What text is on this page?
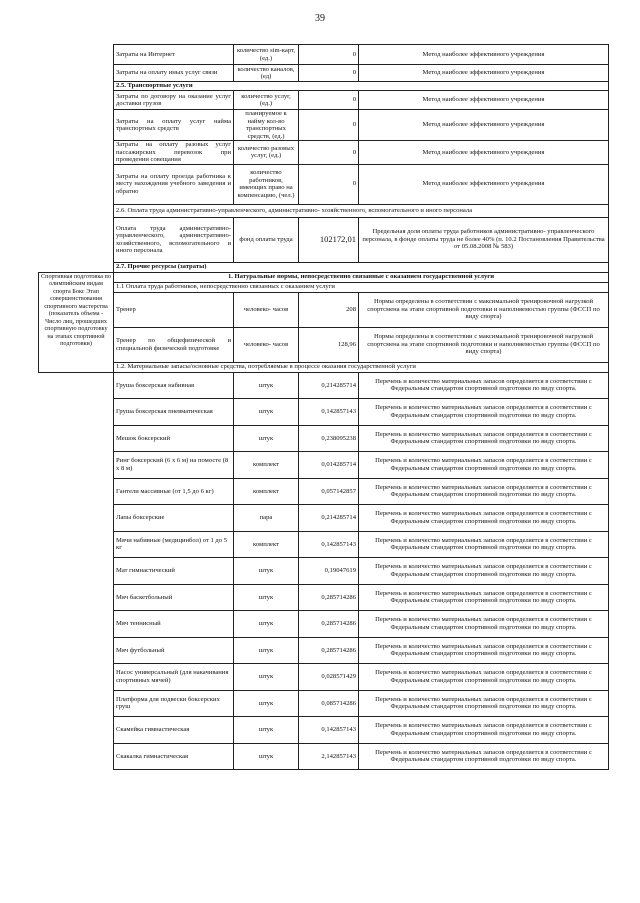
39
	Затраты на Интернет	количество sim-карт, (ед.)	0	Метод наиболее эффективного учреждения
	Затраты на оплату иных услуг связи	количество каналов, (ед)	0	Метод наиболее эффективного учреждения
	2.5. Транспортные услуги			
	Затраты по договору на оказание услуг доставки грузов	количество услуг, (ед.)	0	Метод наиболее эффективного учреждения
	Затраты на оплату услуг найма транспортных средств	планируемое к найму кол-во транспортных средств, (ед.)	0	Метод наиболее эффективного учреждения
	Затраты на оплату разовых услуг пассажирских перевозок при проведении совещания	количество разовых услуг, (ед.)	0	Метод наиболее эффективного учреждения
	Затраты на оплату проезда работника к месту нахождения учебного заведения и обратно	количество работников, имеющих право на компенсацию, (чел.)	0	Метод наиболее эффективного учреждения
	2.6. Оплата труда административно-управленческого, административно- хозяйственного, вспомогательного и иного персонала			
	Оплата труда административно-управленческого, административно-хозяйственного, вспомогательного и иного персонала	фонд оплаты труда	102172,01	Предельная доля оплаты труда работников административно- управленческого персонала, в фонде оплаты труда не более 40% (п. 10.2 Постановления Правительства от 05.08.2008 № 583)
	2.7. Прочие ресурсы (затраты)			
Спортивная подготовка по олимпийским видам спорта Бокс Этап совершенствования спортивного мастерства (показатель объема - Число лиц, прошедших спортивную подготовку на этапах спортивной подготовки)	1. Натуральные нормы, непосредственно связанные с оказанием государственной услуги			
	1.1 Оплата труда работников, непосредственно связанных с оказанием услуги			
	Тренер	человеко- часов	208	Нормы определены в соответствии с максимальной тренировочной нагрузкой спортсмена на этапе спортивной подготовки и наполняемостью группы (ФССП по виду спорта)
	Тренер по общефизической и специальной физической подготовке	человеко- часов	128,96	Нормы определены в соответствии с максимальной тренировочной нагрузкой спортсмена на этапе спортивной подготовки и наполняемостью группы (ФССП по виду спорта)
	1.2. Материальные запасы/основные средства, потребляемые в процессе оказания государственной услуги			
	Груша боксерская набивная	штук	0,214285714	Перечень и количество материальных запасов определяется в соответствии с Федеральным стандартом спортивной подготовки по виду спорта.
	Груша боксерская пневматическая	штук	0,142857143	Перечень и количество материальных запасов определяется в соответствии с Федеральным стандартом спортивной подготовки по виду спорта.
	Мешок боксерский	штук	0,238095238	Перечень и количество материальных запасов определяется в соответствии с Федеральным стандартом спортивной подготовки по виду спорта.
	Ринг боксерский (6 х 6 м) на помосте (8 х 8 м)	комплект	0,014285714	Перечень и количество материальных запасов определяется в соответствии с Федеральным стандартом спортивной подготовки по виду спорта.
	Гантели массивные (от 1,5 до 6 кг)	комплект	0,057142857	Перечень и количество материальных запасов определяется в соответствии с Федеральным стандартом спортивной подготовки по виду спорта.
	Лапы боксерские	пара	0,214285714	Перечень и количество материальных запасов определяется в соответствии с Федеральным стандартом спортивной подготовки по виду спорта.
	Мячи набивные (медицинбол) от 1 до 5 кг	комплект	0,142857143	Перечень и количество материальных запасов определяется в соответствии с Федеральным стандартом спортивной подготовки по виду спорта.
	Мат гимнастический	штук	0,19047619	Перечень и количество материальных запасов определяется в соответствии с Федеральным стандартом спортивной подготовки по виду спорта.
	Мяч баскетбольный	штук	0,285714286	Перечень и количество материальных запасов определяется в соответствии с Федеральным стандартом спортивной подготовки по виду спорта.
	Мяч теннисный	штук	0,285714286	Перечень и количество материальных запасов определяется в соответствии с Федеральным стандартом спортивной подготовки по виду спорта.
	Мяч футбольный	штук	0,285714286	Перечень и количество материальных запасов определяется в соответствии с Федеральным стандартом спортивной подготовки по виду спорта.
	Насос универсальный (для накачивания спортивных мячей)	штук	0,028571429	Перечень и количество материальных запасов определяется в соответствии с Федеральным стандартом спортивной подготовки по виду спорта.
	Платформа для подвески боксерских груш	штук	0,085714286	Перечень и количество материальных запасов определяется в соответствии с Федеральным стандартом спортивной подготовки по виду спорта.
	Скамейка гимнастическая	штук	0,142857143	Перечень и количество материальных запасов определяется в соответствии с Федеральным стандартом спортивной подготовки по виду спорта.
	Скакалка гимнастическая	штук	2,142857143	Перечень и количество материальных запасов определяется в соответствии с Федеральным стандартом спортивной подготовки по виду спорта.
